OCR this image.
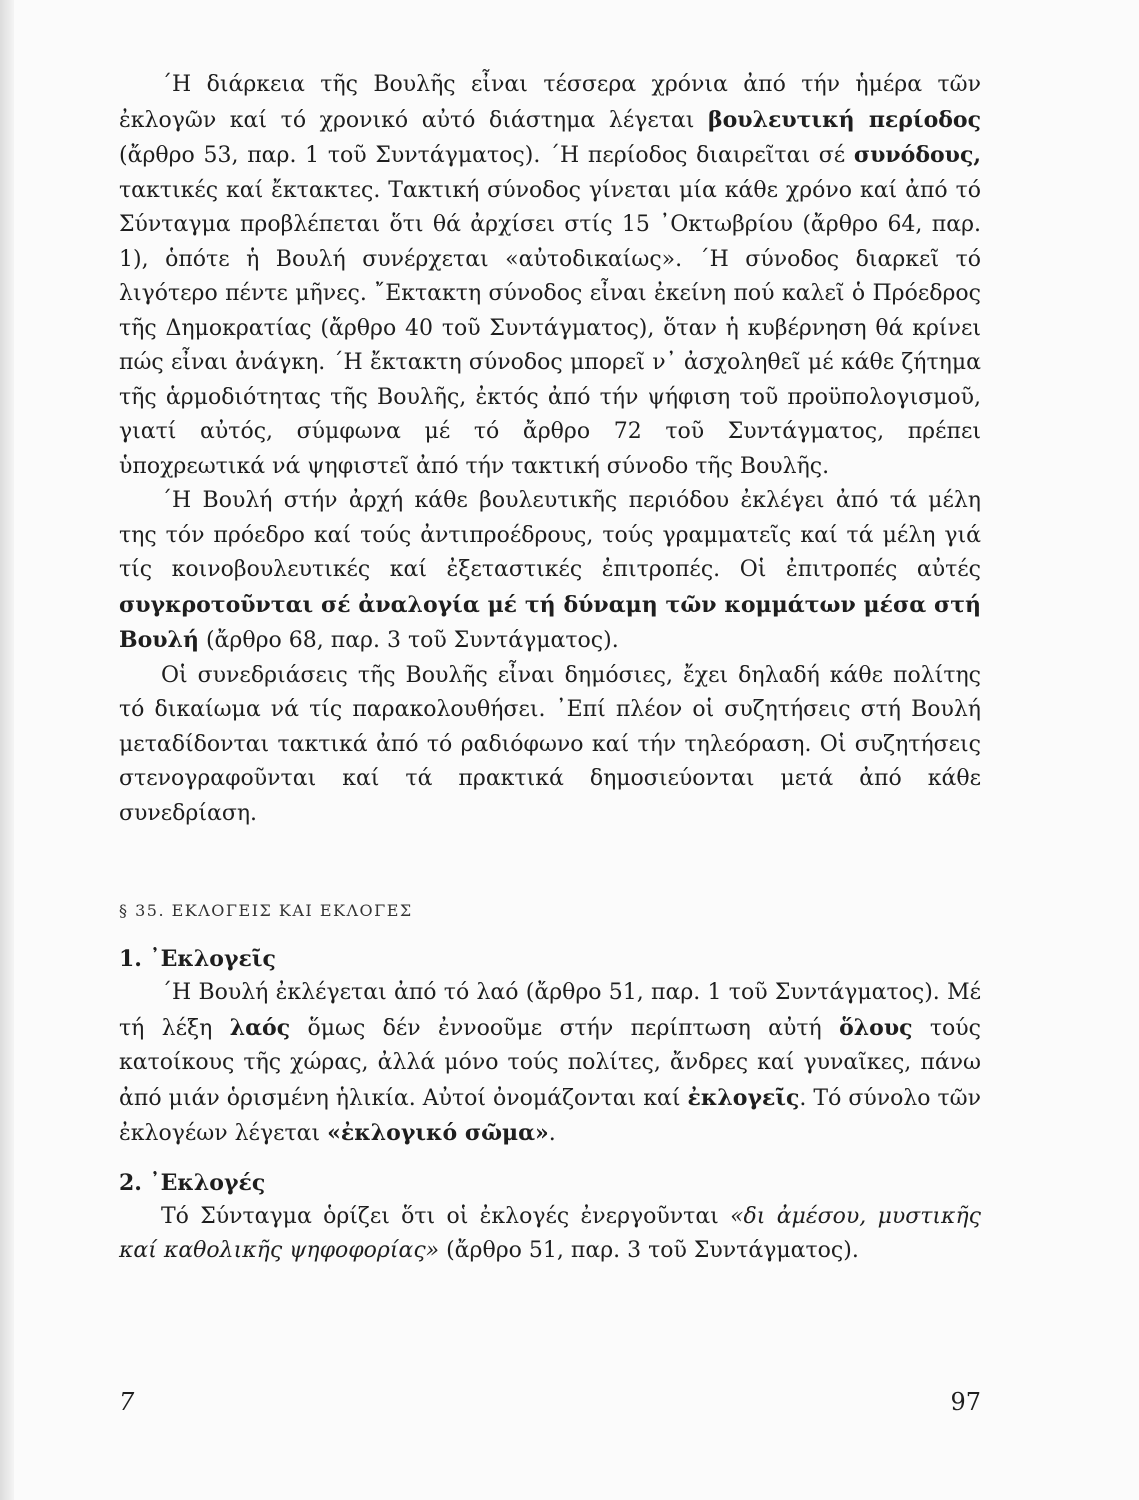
΄Η διάρκεια τῆς Βουλῆς εἶναι τέσσερα χρόνια ἀπό τήν ἡμέρα τῶν ἐκλογῶν καί τό χρονικό αὐτό διάστημα λέγεται βουλευτική περίοδος (ἄρθρο 53, παρ. 1 τοῦ Συντάγματος). ΄Η περίοδος διαιρεῖται σέ συνόδους, τακτικές καί ἔκτακτες. Τακτική σύνοδος γίνεται μία κάθε χρόνο καί ἀπό τό Σύνταγμα προβλέπεται ὅτι θά ἀρχίσει στίς 15 ᾿Οκτωβρίου (ἄρθρο 64, παρ. 1), ὁπότε ἡ Βουλή συνέρχεται «αὐτοδικαίως». ΄Η σύνοδος διαρκεῖ τό λιγότερο πέντε μῆνες. ῎Εκτακτη σύνοδος εἶναι ἐκείνη πού καλεῖ ὁ Πρόεδρος τῆς Δημοκρατίας (ἄρθρο 40 τοῦ Συντάγματος), ὅταν ἡ κυβέρνηση θά κρίνει πώς εἶναι ἀνάγκη. ΄Η ἔκτακτη σύνοδος μπορεῖ ν᾿ ἀσχοληθεῖ μέ κάθε ζήτημα τῆς ἁρμοδιότητας τῆς Βουλῆς, ἐκτός ἀπό τήν ψήφιση τοῦ προϋπολογισμοῦ, γιατί αὐτός, σύμφωνα μέ τό ἄρθρο 72 τοῦ Συντάγματος, πρέπει ὑποχρεωτικά νά ψηφιστεῖ ἀπό τήν τακτική σύνοδο τῆς Βουλῆς.

΄Η Βουλή στήν ἀρχή κάθε βουλευτικῆς περιόδου ἐκλέγει ἀπό τά μέλη της τόν πρόεδρο καί τούς ἀντιπροέδρους, τούς γραμματεῖς καί τά μέλη γιά τίς κοινοβουλευτικές καί ἐξεταστικές ἐπιτροπές. Οἱ ἐπιτροπές αὐτές συγκροτοῦνται σέ ἀναλογία μέ τή δύναμη τῶν κομμάτων μέσα στή Βουλή (ἄρθρο 68, παρ. 3 τοῦ Συντάγματος).

Οἱ συνεδριάσεις τῆς Βουλῆς εἶναι δημόσιες, ἔχει δηλαδή κάθε πολίτης τό δικαίωμα νά τίς παρακολουθήσει. ᾿Επί πλέον οἱ συζητήσεις στή Βουλή μεταδίδονται τακτικά ἀπό τό ραδιόφωνο καί τήν τηλεόραση. Οἱ συζητήσεις στενογραφοῦνται καί τά πρακτικά δημοσιεύονται μετά ἀπό κάθε συνεδρίαση.

§ 35. ΕΚΛΟΓΕΙΣ ΚΑΙ ΕΚΛΟΓΕΣ
1. ᾿Εκλογεῖς

΄Η Βουλή ἐκλέγεται ἀπό τό λαό (ἄρθρο 51, παρ. 1 τοῦ Συντάγματος). Μέ τή λέξη λαός ὅμως δέν ἐννοοῦμε στήν περίπτωση αὐτή ὅλους τούς κατοίκους τῆς χώρας, ἀλλά μόνο τούς πολίτες, ἄνδρες καί γυναῖκες, πάνω ἀπό μιάν ὁρισμένη ἡλικία. Αὐτοί ὀνομάζονται καί ἐκλογεῖς. Τό σύνολο τῶν ἐκλογέων λέγεται «ἐκλογικό σῶμα».

2. ᾿Εκλογές

Τό Σύνταγμα ὁρίζει ὅτι οἱ ἐκλογές ἐνεργοῦνται «δι ἀμέσου, μυστικῆς καί καθολικῆς ψηφοφορίας» (ἄρθρο 51, παρ. 3 τοῦ Συντάγματος).

7	97
